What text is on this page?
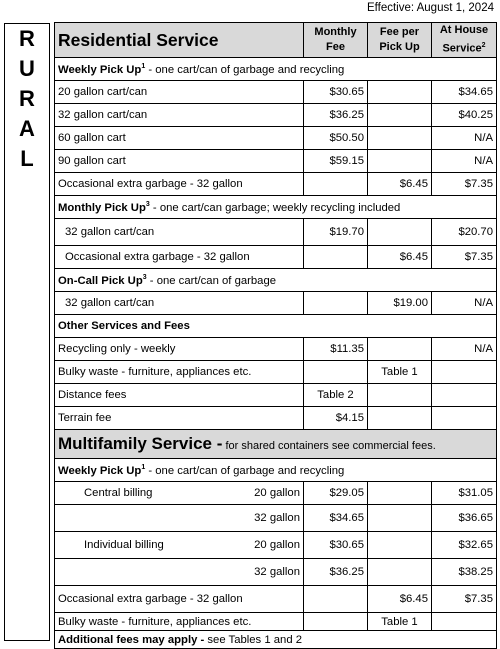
Effective: August 1, 2024
R
U
R
A
L
Residential Service	Monthly Fee	Fee per Pick Up	At House Service$^2$
Weekly Pick Up$^1$ - one cart/can of garbage and recycling			
20 gallon cart/can	$30.65		$34.65
32 gallon cart/can	$36.25		$40.25
60 gallon cart	$50.50		N/A
90 gallon cart	$59.15		N/A
Occasional extra garbage - 32 gallon		$6.45	$7.35
Monthly Pick Up$^3$ - one cart/can garbage; weekly recycling included			
32 gallon cart/can	$19.70		$20.70
Occasional extra garbage - 32 gallon		$6.45	$7.35
On-Call Pick Up$^3$ - one cart/can of garbage			
32 gallon cart/can		$19.00	N/A
Other Services and Fees			
Recycling only - weekly	$11.35		N/A
Bulky waste - furniture, appliances etc.		Table 1	
Distance fees	Table 2		
Terrain fee	$4.15		
Multifamily Service - for shared containers see commercial fees.			
Weekly Pick Up$^1$ - one cart/can of garbage and recycling			

Central billing 20 gallon	$29.05		$31.05

32 gallon	$34.65		$36.65

Individual billing 20 gallon	$30.65		$32.65

32 gallon	$36.25		$38.25
Occasional extra garbage - 32 gallon		$6.45	$7.35
Bulky waste - furniture, appliances etc.		Table 1	
Additional fees may apply - see Tables 1 and 2			
